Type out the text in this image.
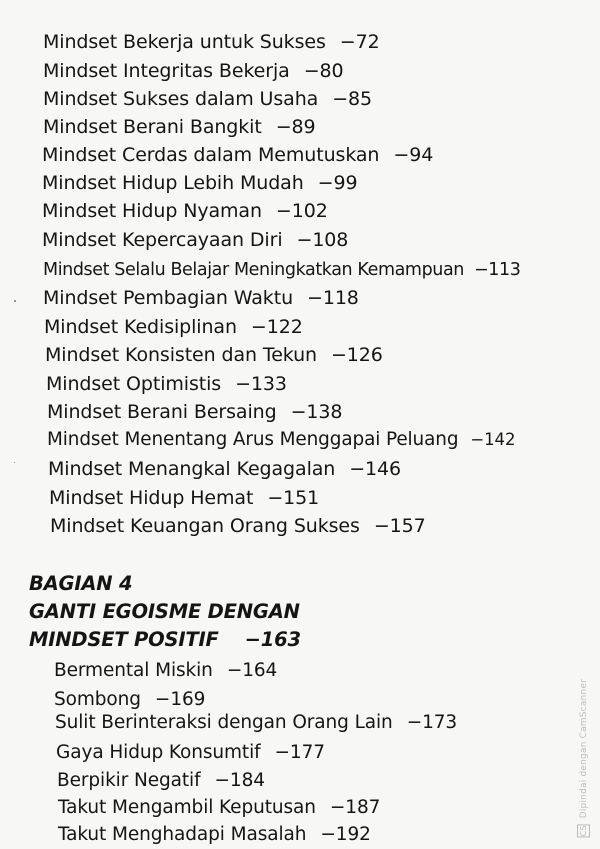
Mindset Bekerja untuk Sukses −72
Mindset Integritas Bekerja −80
Mindset Sukses dalam Usaha −85
Mindset Berani Bangkit −89
Mindset Cerdas dalam Memutuskan −94
Mindset Hidup Lebih Mudah −99
Mindset Hidup Nyaman −102
Mindset Kepercayaan Diri −108
Mindset Selalu Belajar Meningkatkan Kemampuan −113
Mindset Pembagian Waktu −118
Mindset Kedisiplinan −122
Mindset Konsisten dan Tekun −126
Mindset Optimistis −133
Mindset Berani Bersaing −138
Mindset Menentang Arus Menggapai Peluang −142
Mindset Menangkal Kegagalan −146
Mindset Hidup Hemat −151
Mindset Keuangan Orang Sukses −157
BAGIAN 4
GANTI EGOISME DENGAN
MINDSET POSITIF −163
Bermental Miskin −164
Sombong −169
Sulit Berinteraksi dengan Orang Lain −173
Gaya Hidup Konsumtif −177
Berpikir Negatif −184
Takut Mengambil Keputusan −187
Takut Menghadapi Masalah −192	CS Dipindai dengan CamScanner
